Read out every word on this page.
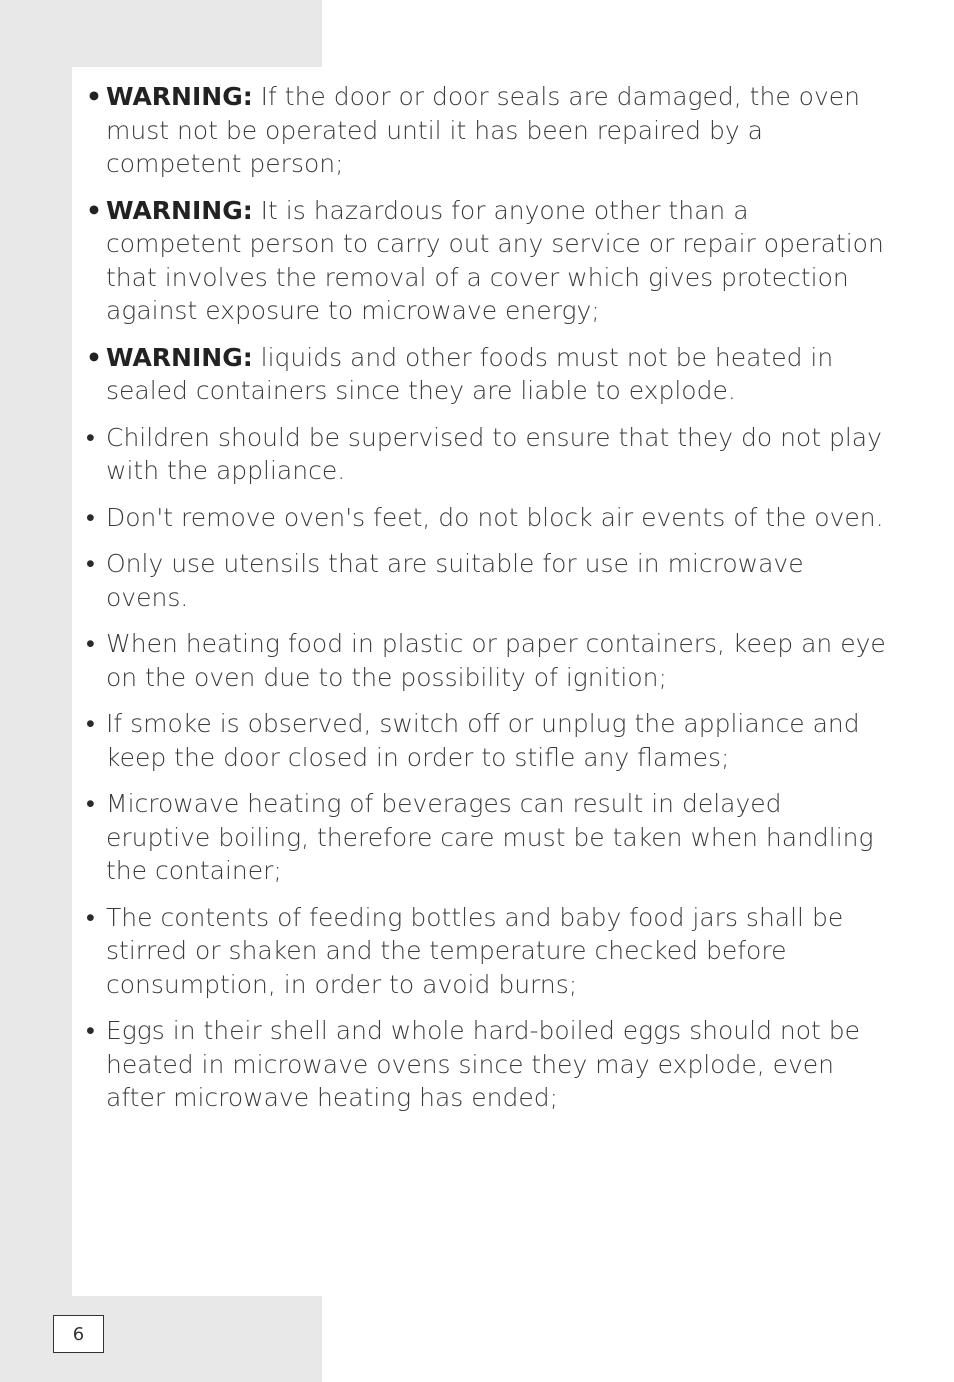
• WARNING: If the door or door seals are damaged, the oven must not be operated until it has been repaired by a competent person;
• WARNING: It is hazardous for anyone other than a competent person to carry out any service or repair operation that involves the removal of a cover which gives protection against exposure to microwave energy;
• WARNING: liquids and other foods must not be heated in sealed containers since they are liable to explode.
• Children should be supervised to ensure that they do not play with the appliance.
• Don't remove oven's feet, do not block air events of the oven.
• Only use utensils that are suitable for use in microwave ovens.
• When heating food in plastic or paper containers, keep an eye on the oven due to the possibility of ignition;
• If smoke is observed, switch off or unplug the appliance and keep the door closed in order to stifle any flames;
• Microwave heating of beverages can result in delayed eruptive boiling, therefore care must be taken when handling the container;
• The contents of feeding bottles and baby food jars shall be stirred or shaken and the temperature checked before consumption, in order to avoid burns;
• Eggs in their shell and whole hard-boiled eggs should not be heated in microwave ovens since they may explode, even after microwave heating has ended;
6
